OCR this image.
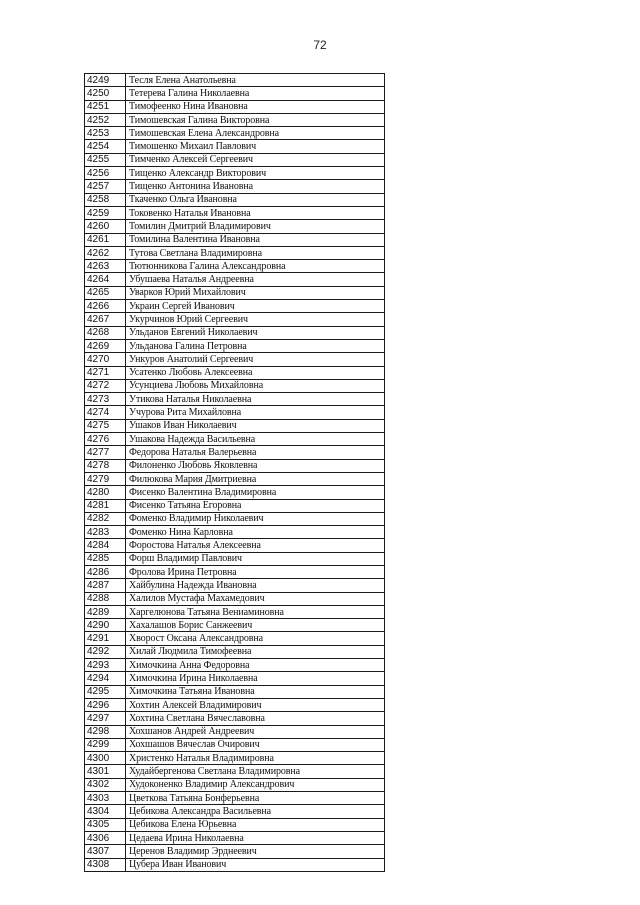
72
4249	Тесля Елена Анатольевна
4250	Тетерева Галина Николаевна
4251	Тимофеенко Нина Ивановна
4252	Тимошевская Галина Викторовна
4253	Тимошевская Елена Александровна
4254	Тимошенко Михаил Павлович
4255	Тимченко Алексей Сергеевич
4256	Тищенко Александр Викторович
4257	Тищенко Антонина Ивановна
4258	Ткаченко Ольга Ивановна
4259	Токовенко Наталья Ивановна
4260	Томилин Дмитрий Владимирович
4261	Томилина Валентина Ивановна
4262	Тутова Светлана Владимировна
4263	Тютюнникова Галина Александровна
4264	Убушаева Наталья Андреевна
4265	Уварков Юрий Михайлович
4266	Украин Сергей Иванович
4267	Укурчинов Юрий Сергеевич
4268	Ульданов Евгений Николаевич
4269	Ульданова Галина Петровна
4270	Ункуров Анатолий Сергеевич
4271	Усатенко Любовь Алексеевна
4272	Усунциева Любовь Михайловна
4273	Утикова Наталья Николаевна
4274	Учурова Рита Михайловна
4275	Ушаков Иван Николаевич
4276	Ушакова Надежда Васильевна
4277	Федорова Наталья Валерьевна
4278	Филоненко Любовь Яковлевна
4279	Филюкова Мария Дмитриевна
4280	Фисенко Валентина Владимировна
4281	Фисенко Татьяна Егоровна
4282	Фоменко Владимир Николаевич
4283	Фоменко Нина Карловна
4284	Форостова Наталья Алексеевна
4285	Форш Владимир Павлович
4286	Фролова Ирина Петровна
4287	Хайбулина Надежда Ивановна
4288	Халилов Мустафа Махамедович
4289	Харгелюнова Татьяна Вениаминовна
4290	Хахалашов Борис Санжеевич
4291	Хворост Оксана Александровна
4292	Хилай Людмила Тимофеевна
4293	Химочкина Анна Федоровна
4294	Химочкина Ирина Николаевна
4295	Химочкина Татьяна Ивановна
4296	Хохтин Алексей Владимирович
4297	Хохтина Светлана Вячеславовна
4298	Хохшанов Андрей Андреевич
4299	Хохшашов Вячеслав Очирович
4300	Христенко Наталья Владимировна
4301	Худайбергенова Светлана Владимировна
4302	Худоконенко Владимир Александрович
4303	Цветкова Татьяна Бонферьевна
4304	Цебикова Александра Васильевна
4305	Цебикова Елена Юрьевна
4306	Цедаева Ирина Николаевна
4307	Церенов Владимир Эрднеевич
4308	Цубера Иван Иванович
